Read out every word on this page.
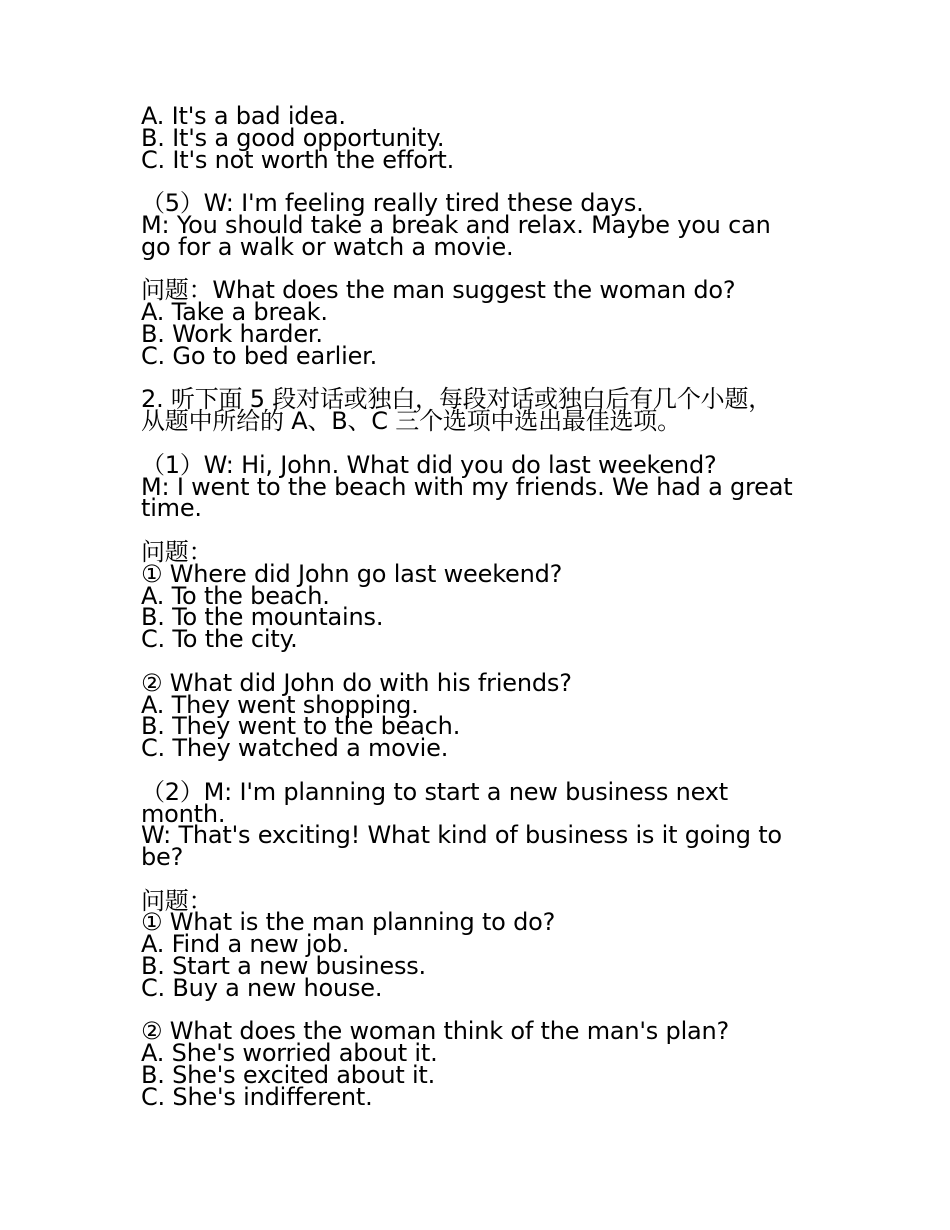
A. It's a bad idea.
B. It's a good opportunity.
C. It's not worth the effort.
（5）W: I'm feeling really tired these days.
M: You should take a break and relax. Maybe you can
go for a walk or watch a movie.
问题：What does the man suggest the woman do?
A. Take a break.
B. Work harder.
C. Go to bed earlier.
2. 听下面 5 段对话或独白，每段对话或独白后有几个小题，
从题中所给的 A、B、C 三个选项中选出最佳选项。
（1）W: Hi, John. What did you do last weekend?
M: I went to the beach with my friends. We had a great
time.
问题：
① Where did John go last weekend?
A. To the beach.
B. To the mountains.
C. To the city.
② What did John do with his friends?
A. They went shopping.
B. They went to the beach.
C. They watched a movie.
（2）M: I'm planning to start a new business next
month.
W: That's exciting! What kind of business is it going to
be?
问题：
① What is the man planning to do?
A. Find a new job.
B. Start a new business.
C. Buy a new house.
② What does the woman think of the man's plan?
A. She's worried about it.
B. She's excited about it.
C. She's indifferent.
